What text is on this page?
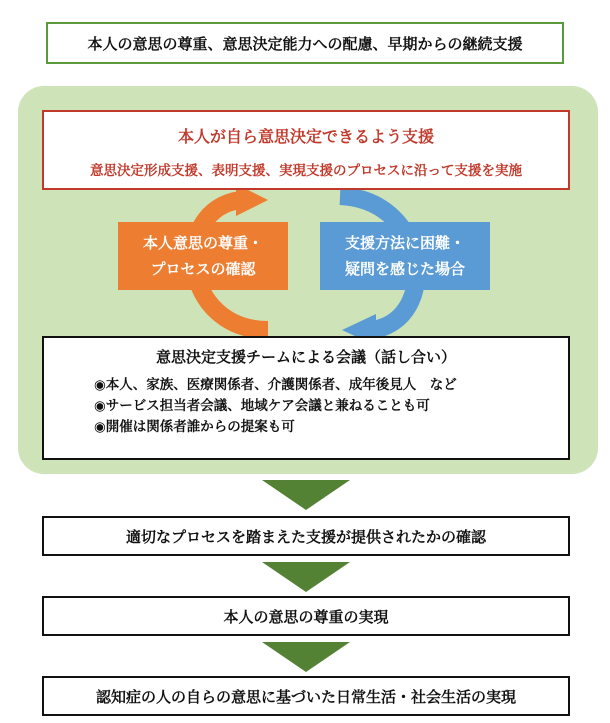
本人の意思の尊重、意思決定能力への配慮、早期からの継続支援
本人が自ら意思決定できるよう支援
意思決定形成支援、表明支援、実現支援のプロセスに沿って支援を実施
本人意思の尊重・
プロセスの確認
支援方法に困難・
疑問を感じた場合
意思決定支援チームによる会議（話し合い）
◉本人、家族、医療関係者、介護関係者、成年後見人　など
◉サービス担当者会議、地域ケア会議と兼ねることも可
◉開催は関係者誰からの提案も可
適切なプロセスを踏まえた支援が提供されたかの確認
本人の意思の尊重の実現
認知症の人の自らの意思に基づいた日常生活・社会生活の実現
